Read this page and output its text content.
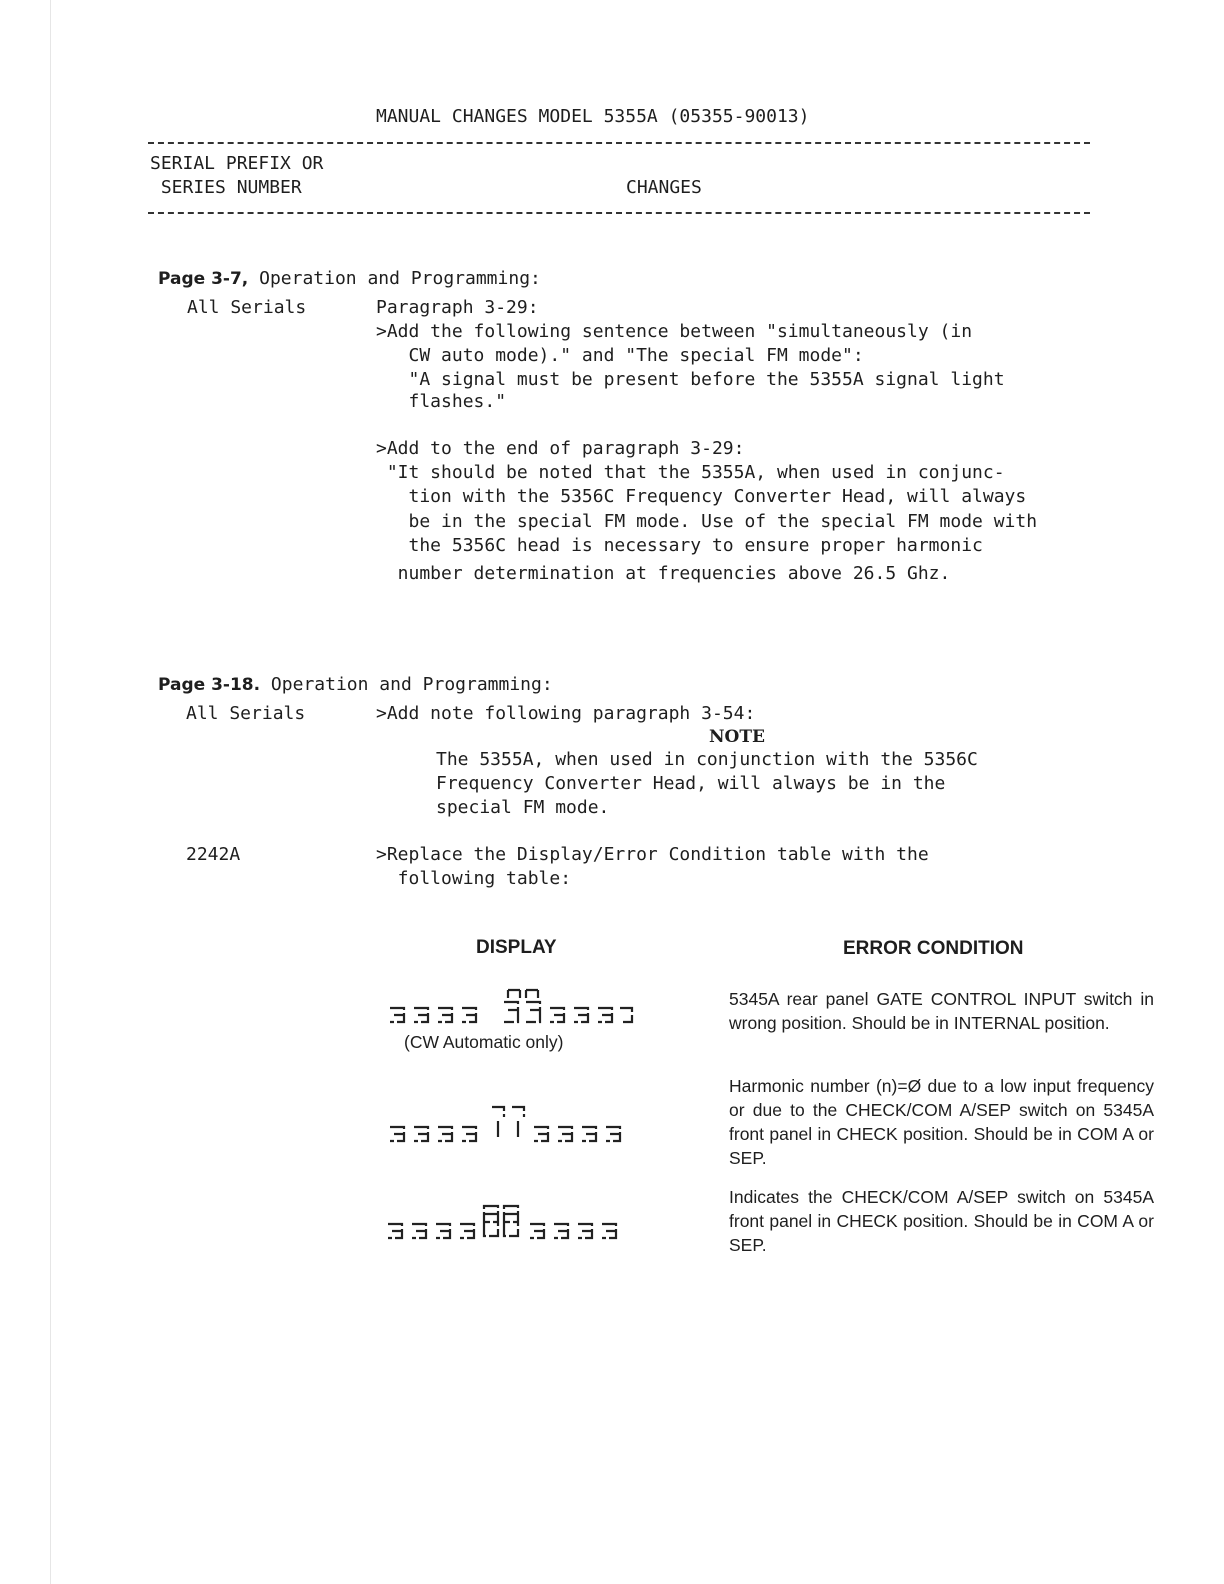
MANUAL CHANGES MODEL 5355A (05355-90013)
SERIAL PREFIX OR
SERIES NUMBER	CHANGES

Page 3-7, Operation and Programming:

All Serials	Paragraph 3-29:
>Add the following sentence between "simultaneously (in
CW auto mode)." and "The special FM mode":
"A signal must be present before the 5355A signal light
flashes."
>Add to the end of paragraph 3-29:
"It should be noted that the 5355A, when used in conjunc-
tion with the 5356C Frequency Converter Head, will always
be in the special FM mode. Use of the special FM mode with
the 5356C head is necessary to ensure proper harmonic
number determination at frequencies above 26.5 Ghz.

Page 3-18. Operation and Programming:

All Serials	>Add note following paragraph 3-54:
NOTE
The 5355A, when used in conjunction with the 5356C
Frequency Converter Head, will always be in the
special FM mode.
2242A	>Replace the Display/Error Condition table with the
following table:
DISPLAY	ERROR CONDITION
(CW Automatic only)
5345A rear panel GATE CONTROL INPUT switch in wrong position. Should be in INTERNAL position.
Harmonic number (n)=Ø due to a low input frequency or due to the CHECK/COM A/SEP switch on 5345A front panel in CHECK position. Should be in COM A or SEP.
Indicates the CHECK/COM A/SEP switch on 5345A front panel in CHECK position. Should be in COM A or SEP.
